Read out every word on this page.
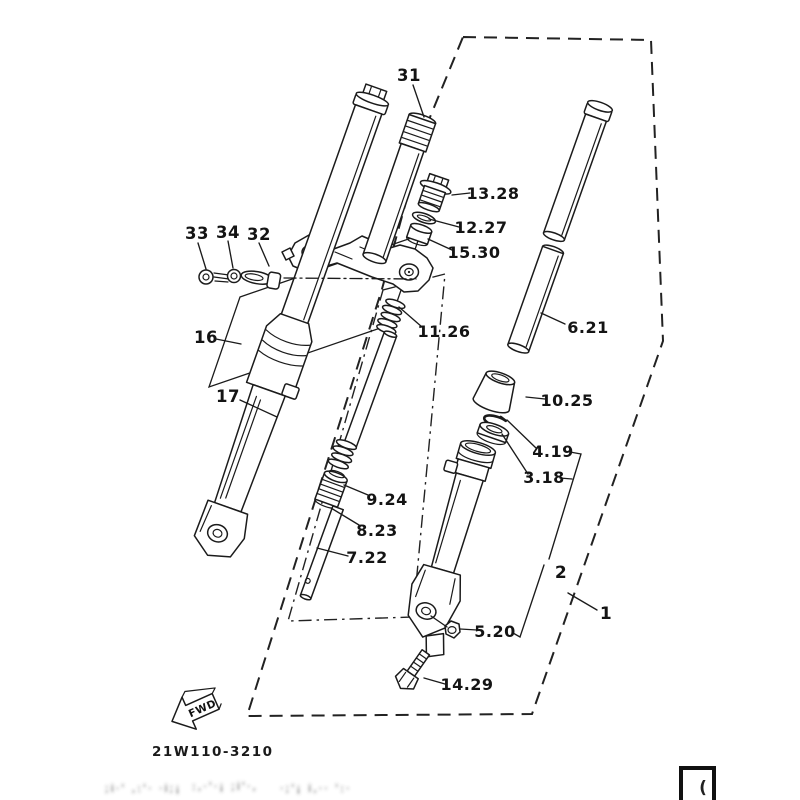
FWD
21W110-3210
;i·' ,:'· ·i;¡ :,·'·¡ ;i'·, ·;'¡ i,·· ':·	(
31
13.28
12.27
15.30
33 34 32
16
17
11.26	6.21
10.25
4.19
3.18
9.24
8.23
7.22
2
1
5.20
14.29
